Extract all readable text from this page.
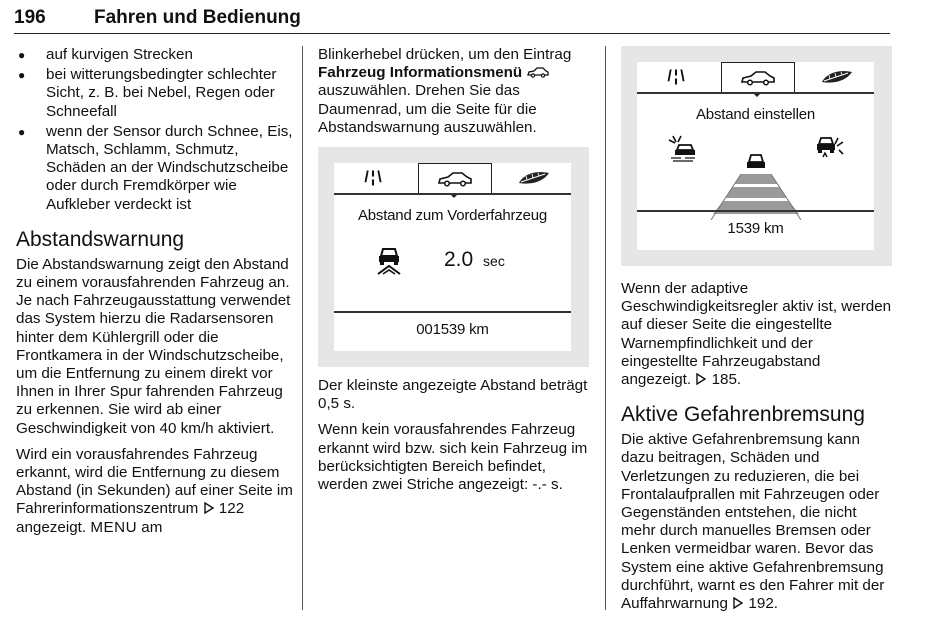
196	Fahren und Bedienung
● auf kurvigen Strecken
● bei witterungsbedingter schlechter Sicht, z. B. bei Nebel, Regen oder Schneefall
● wenn der Sensor durch Schnee, Eis, Matsch, Schlamm, Schmutz, Schäden an der Windschutzscheibe oder durch Fremdkörper wie Aufkleber verdeckt ist
Abstandswarnung

Die Abstandswarnung zeigt den Abstand zu einem vorausfahrenden Fahrzeug an. Je nach Fahrzeugausstattung verwendet das System hierzu die Radarsensoren hinter dem Kühlergrill oder die Frontkamera in der Windschutzscheibe, um die Entfernung zu einem direkt vor Ihnen in Ihrer Spur fahrenden Fahrzeug zu erkennen. Sie wird ab einer Geschwindigkeit von 40 km/h aktiviert.

Wird ein vorausfahrendes Fahrzeug erkannt, wird die Entfernung zu diesem Abstand (in Sekunden) auf einer Seite im Fahrerinformationszentrum 122 angezeigt. MENU am

Blinkerhebel drücken, um den Eintrag
Fahrzeug Informationsmenü
auszuwählen. Drehen Sie das Daumenrad, um die Seite für die Abstandswarnung auszuwählen.

/¦\
Abstand zum Vorderfahrzeug
2.0 sec
001539 km

Der kleinste angezeigte Abstand beträgt 0,5 s.

Wenn kein vorausfahrendes Fahrzeug erkannt wird bzw. sich kein Fahrzeug im berücksichtigten Bereich befindet, werden zwei Striche angezeigt: -.- s.

/¦\
Abstand einstellen
1539 km

Wenn der adaptive Geschwindigkeitsregler aktiv ist, werden auf dieser Seite die eingestellte Warnempfindlichkeit und der eingestellte Fahrzeugabstand angezeigt. 185.

Aktive Gefahrenbremsung

Die aktive Gefahrenbremsung kann dazu beitragen, Schäden und Verletzungen zu reduzieren, die bei Frontalaufprallen mit Fahrzeugen oder Gegenständen entstehen, die nicht mehr durch manuelles Bremsen oder Lenken vermeidbar waren. Bevor das System eine aktive Gefahrenbremsung durchführt, warnt es den Fahrer mit der Auffahrwarnung 192.
